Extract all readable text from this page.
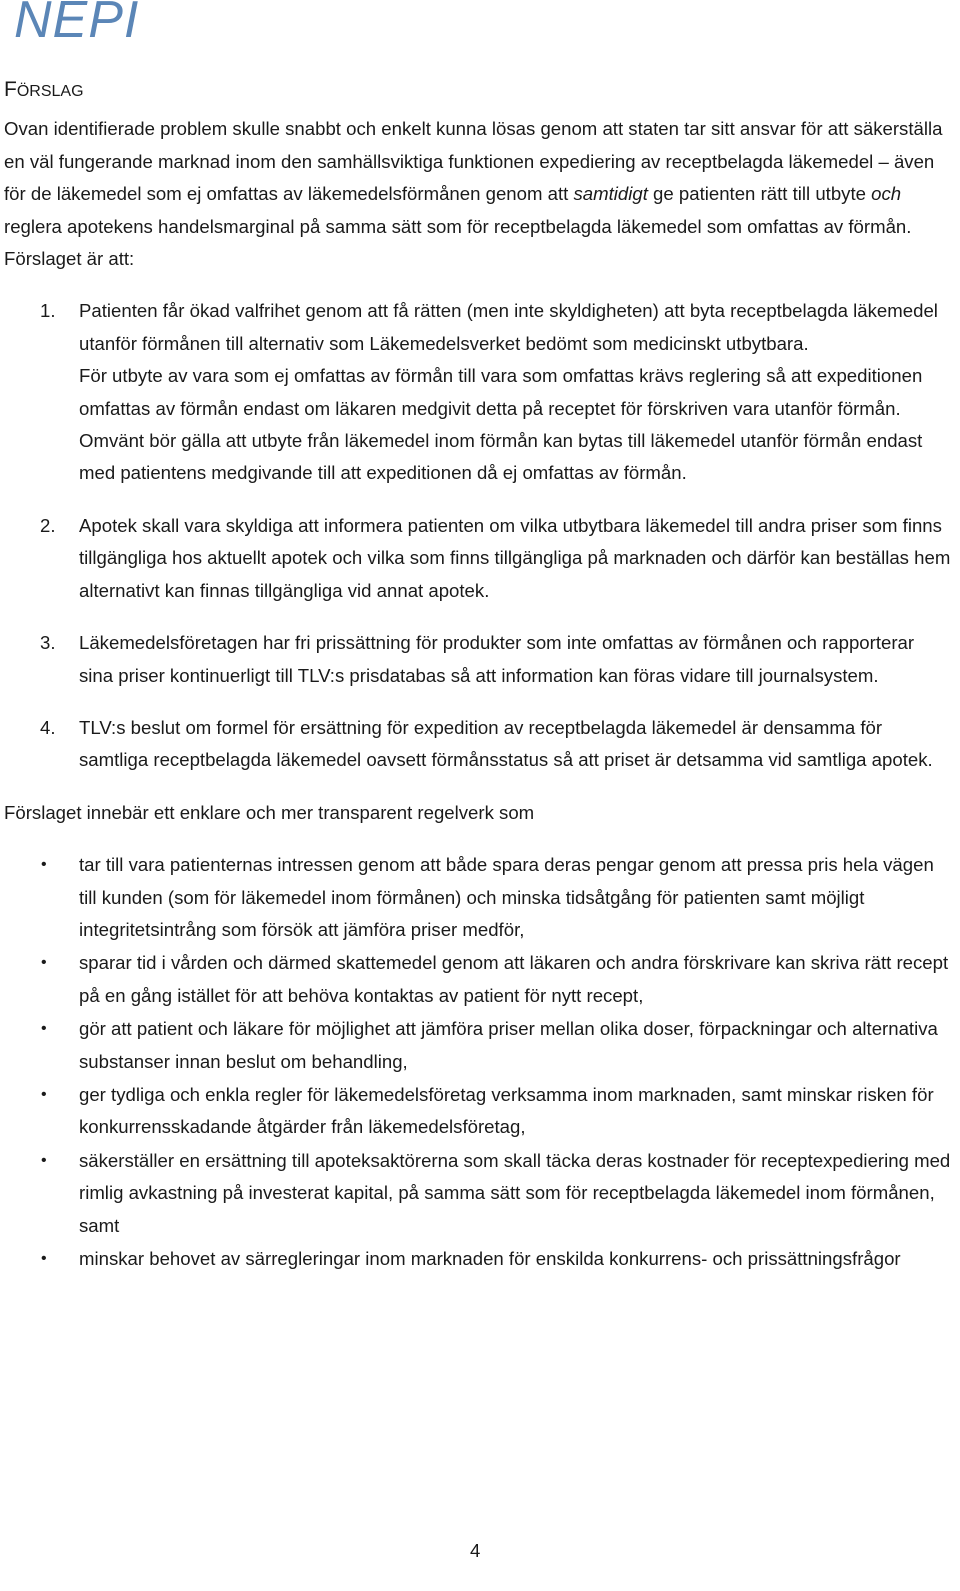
NEPI
FÖRSLAG

Ovan identifierade problem skulle snabbt och enkelt kunna lösas genom att staten tar sitt ansvar för att säkerställa en väl fungerande marknad inom den samhällsviktiga funktionen expediering av receptbelagda läkemedel – även för de läkemedel som ej omfattas av läkemedelsförmånen genom att samtidigt ge patienten rätt till utbyte och reglera apotekens handelsmarginal på samma sätt som för receptbelagda läkemedel som omfattas av förmån. Förslaget är att:

1. Patienten får ökad valfrihet genom att få rätten (men inte skyldigheten) att byta receptbelagda läkemedel utanför förmånen till alternativ som Läkemedelsverket bedömt som medicinskt utbytbara.

För utbyte av vara som ej omfattas av förmån till vara som omfattas krävs reglering så att expeditionen omfattas av förmån endast om läkaren medgivit detta på receptet för förskriven vara utanför förmån. Omvänt bör gälla att utbyte från läkemedel inom förmån kan bytas till läkemedel utanför förmån endast med patientens medgivande till att expeditionen då ej omfattas av förmån.

2. Apotek skall vara skyldiga att informera patienten om vilka utbytbara läkemedel till andra priser som finns tillgängliga hos aktuellt apotek och vilka som finns tillgängliga på marknaden och därför kan beställas hem alternativt kan finnas tillgängliga vid annat apotek.

3. Läkemedelsföretagen har fri prissättning för produkter som inte omfattas av förmånen och rapporterar sina priser kontinuerligt till TLV:s prisdatabas så att information kan föras vidare till journalsystem.

4. TLV:s beslut om formel för ersättning för expedition av receptbelagda läkemedel är densamma för samtliga receptbelagda läkemedel oavsett förmånsstatus så att priset är detsamma vid samtliga apotek.

Förslaget innebär ett enklare och mer transparent regelverk som

• tar till vara patienternas intressen genom att både spara deras pengar genom att pressa pris hela vägen till kunden (som för läkemedel inom förmånen) och minska tidsåtgång för patienten samt möjligt integritetsintrång som försök att jämföra priser medför,
• sparar tid i vården och därmed skattemedel genom att läkaren och andra förskrivare kan skriva rätt recept på en gång istället för att behöva kontaktas av patient för nytt recept,
• gör att patient och läkare för möjlighet att jämföra priser mellan olika doser, förpackningar och alternativa substanser innan beslut om behandling,
• ger tydliga och enkla regler för läkemedelsföretag verksamma inom marknaden, samt minskar risken för konkurrensskadande åtgärder från läkemedelsföretag,
• säkerställer en ersättning till apoteksaktörerna som skall täcka deras kostnader för receptexpediering med rimlig avkastning på investerat kapital, på samma sätt som för receptbelagda läkemedel inom förmånen, samt
• minskar behovet av särregleringar inom marknaden för enskilda konkurrens- och prissättningsfrågor
4
